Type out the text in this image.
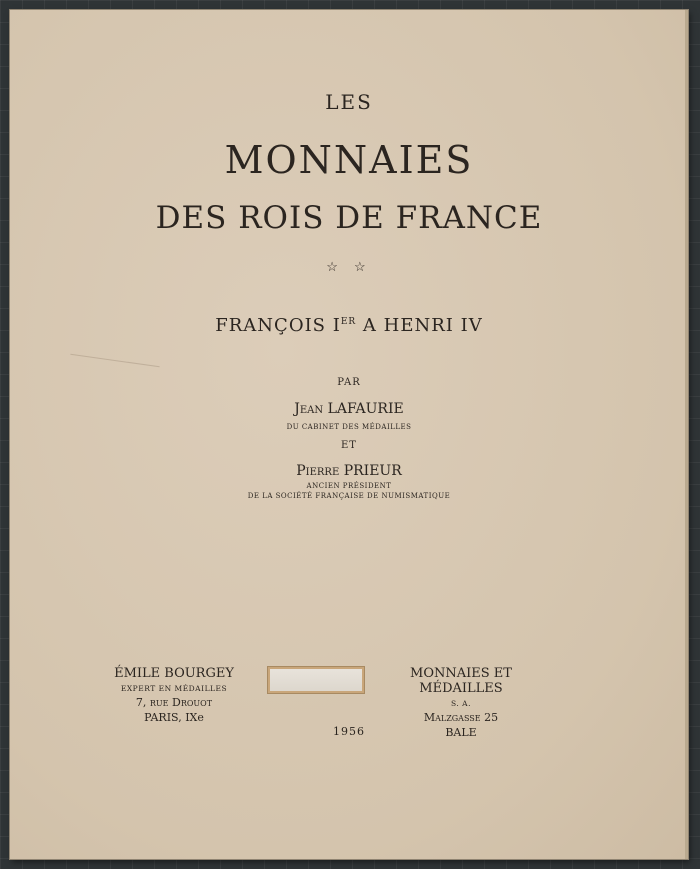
LES
MONNAIES
DES ROIS DE FRANCE
☆ ☆
FRANÇOIS IER A HENRI IV
PAR
Jean LAFAURIE
DU CABINET DES MÉDAILLES
ET
Pierre PRIEUR
ANCIEN PRÉSIDENT
DE LA SOCIÉTÉ FRANÇAISE DE NUMISMATIQUE
ÉMILE BOURGEY
EXPERT EN MÉDAILLES
7, rue Drouot
PARIS, IXe
MONNAIES ET MÉDAILLES
S. A.
Malzgasse 25
BALE
1956
